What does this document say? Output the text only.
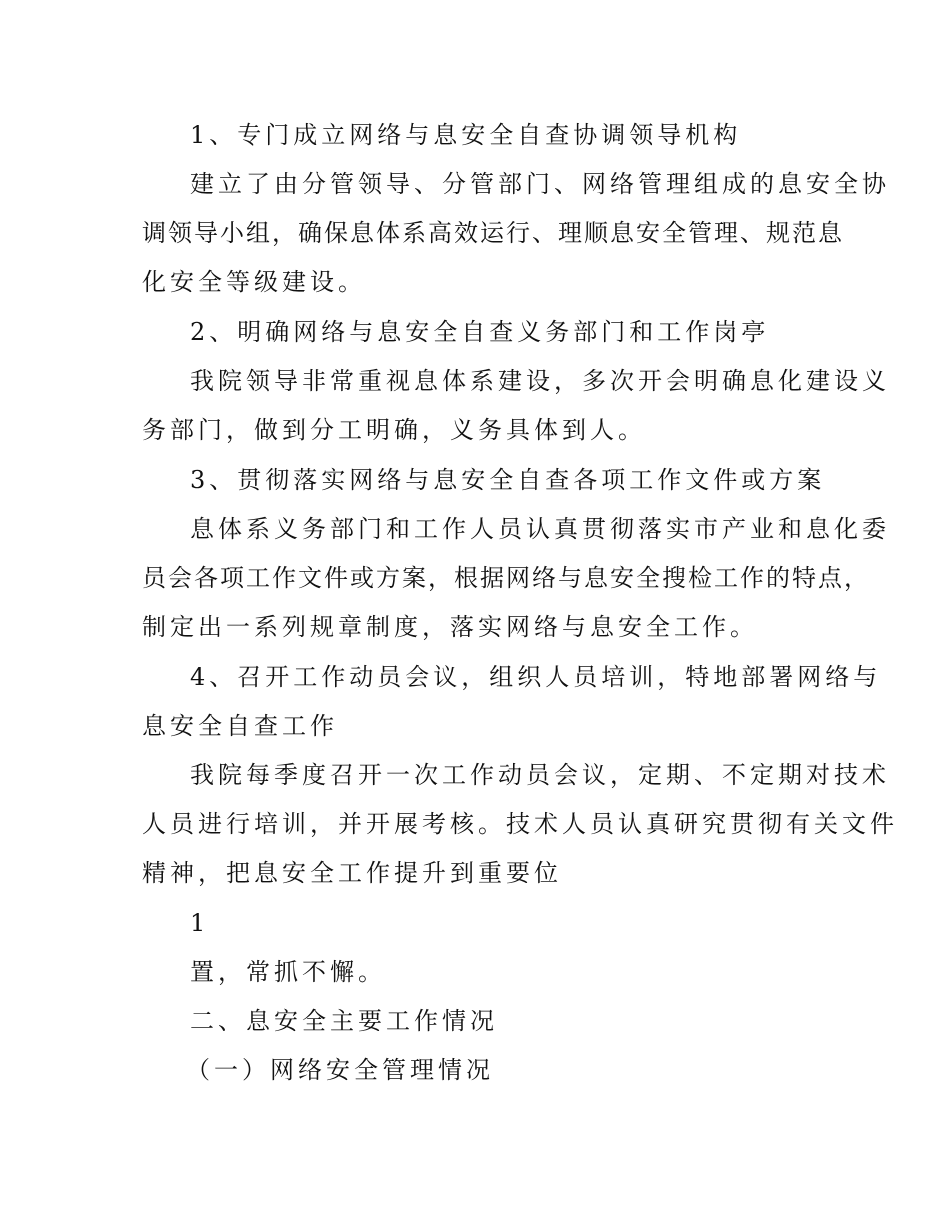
1、专门成立网络与息安全自查协调领导机构
建立了由分管领导、分管部门、网络管理组成的息安全协
调领导小组，确保息体系高效运行、理顺息安全管理、规范息
化安全等级建设。
2、明确网络与息安全自查义务部门和工作岗亭
我院领导非常重视息体系建设，多次开会明确息化建设义
务部门，做到分工明确，义务具体到人。
3、贯彻落实网络与息安全自查各项工作文件或方案
息体系义务部门和工作人员认真贯彻落实市产业和息化委
员会各项工作文件或方案，根据网络与息安全搜检工作的特点，
制定出一系列规章制度，落实网络与息安全工作。
4、召开工作动员会议，组织人员培训，特地部署网络与
息安全自查工作
我院每季度召开一次工作动员会议，定期、不定期对技术
人员进行培训，并开展考核。技术人员认真研究贯彻有关文件
精神，把息安全工作提升到重要位
1
置，常抓不懈。
二、息安全主要工作情况
（一）网络安全管理情况
